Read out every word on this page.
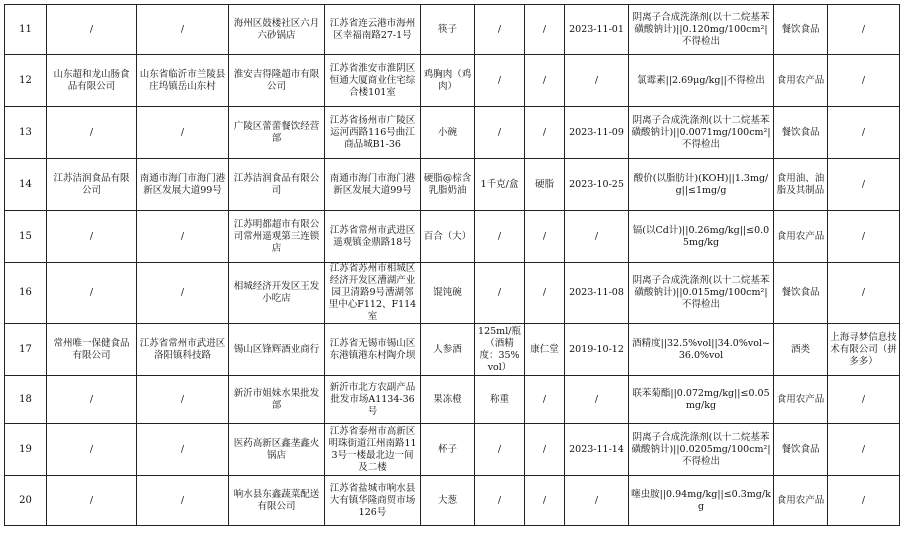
11	/	/	海州区鼓楼社区六月六砂锅店	江苏省连云港市海州区幸福南路27-1号	筷子	/	/	2023-11-01	阴离子合成洗涤剂(以十二烷基苯磺酸钠计)||0.120mg/100cm²|不得检出	餐饮食品	/
12	山东超和龙山肠食品有限公司	山东省临沂市兰陵县庄坞镇岳山东村	淮安吉得隆超市有限公司	江苏省淮安市淮阴区恒通大厦商业住宅综合楼101室	鸡胸肉（鸡肉）	/	/	/	氯霉素||2.69μg/kg||不得检出	食用农产品	/
13	/	/	广陵区蕾蕾餐饮经营部	江苏省扬州市广陵区运河西路116号曲江商品城B1-36	小碗	/	/	2023-11-09	阴离子合成洗涤剂(以十二烷基苯磺酸钠计)||0.0071mg/100cm²|不得检出	餐饮食品	/
14	江苏洁润食品有限公司	南通市海门市海门港新区发展大道99号	江苏洁润食品有限公司	南通市海门市海门港新区发展大道99号	硬脂@棕含乳脂奶油	1千克/盒	硬脂	2023-10-25	酸价(以脂肪计)(KOH)||1.3mg/g||≤1mg/g	食用油、油脂及其制品	/
15	/	/	江苏明都超市有限公司常州遥观第三连锁店	江苏省常州市武进区遥观镇金鼎路18号	百合（大）	/	/	/	镉(以Cd计)||0.26mg/kg||≤0.05mg/kg	食用农产品	/
16	/	/	相城经济开发区王发小吃店	江苏省苏州市相城区经济开发区漕湖产业园卫清路9号漕湖邻里中心F112、F114室	馄饨碗	/	/	2023-11-08	阴离子合成洗涤剂(以十二烷基苯磺酸钠计)||0.015mg/100cm²|不得检出	餐饮食品	/
17	常州唯一保健食品有限公司	江苏省常州市武进区洛阳镇科技路	锡山区锋辉酒业商行	江苏省无锡市锡山区东港镇港东村陶介坝	人参酒	125ml/瓶（酒精度：35%vol）	康仁堂	2019-10-12	酒精度||32.5%vol||34.0%vol~36.0%vol	酒类	上海寻梦信息技术有限公司（拼多多）
18	/	/	新沂市姐妹水果批发部	新沂市北方农副产品批发市场A1134-36号	果冻橙	称重	/	/	联苯菊酯||0.072mg/kg||≤0.05mg/kg	食用农产品	/
19	/	/	医药高新区鑫垄鑫火锅店	江苏省泰州市高新区明珠街道江州南路113号一楼最北边一间及二楼	杯子	/	/	2023-11-14	阴离子合成洗涤剂(以十二烷基苯磺酸钠计)||0.0205mg/100cm²|不得检出	餐饮食品	/
20	/	/	响水县东鑫蔬菜配送有限公司	江苏省盐城市响水县大有镇华隆商贸市场126号	大葱	/	/	/	噻虫胺||0.94mg/kg||≤0.3mg/kg	食用农产品	/
